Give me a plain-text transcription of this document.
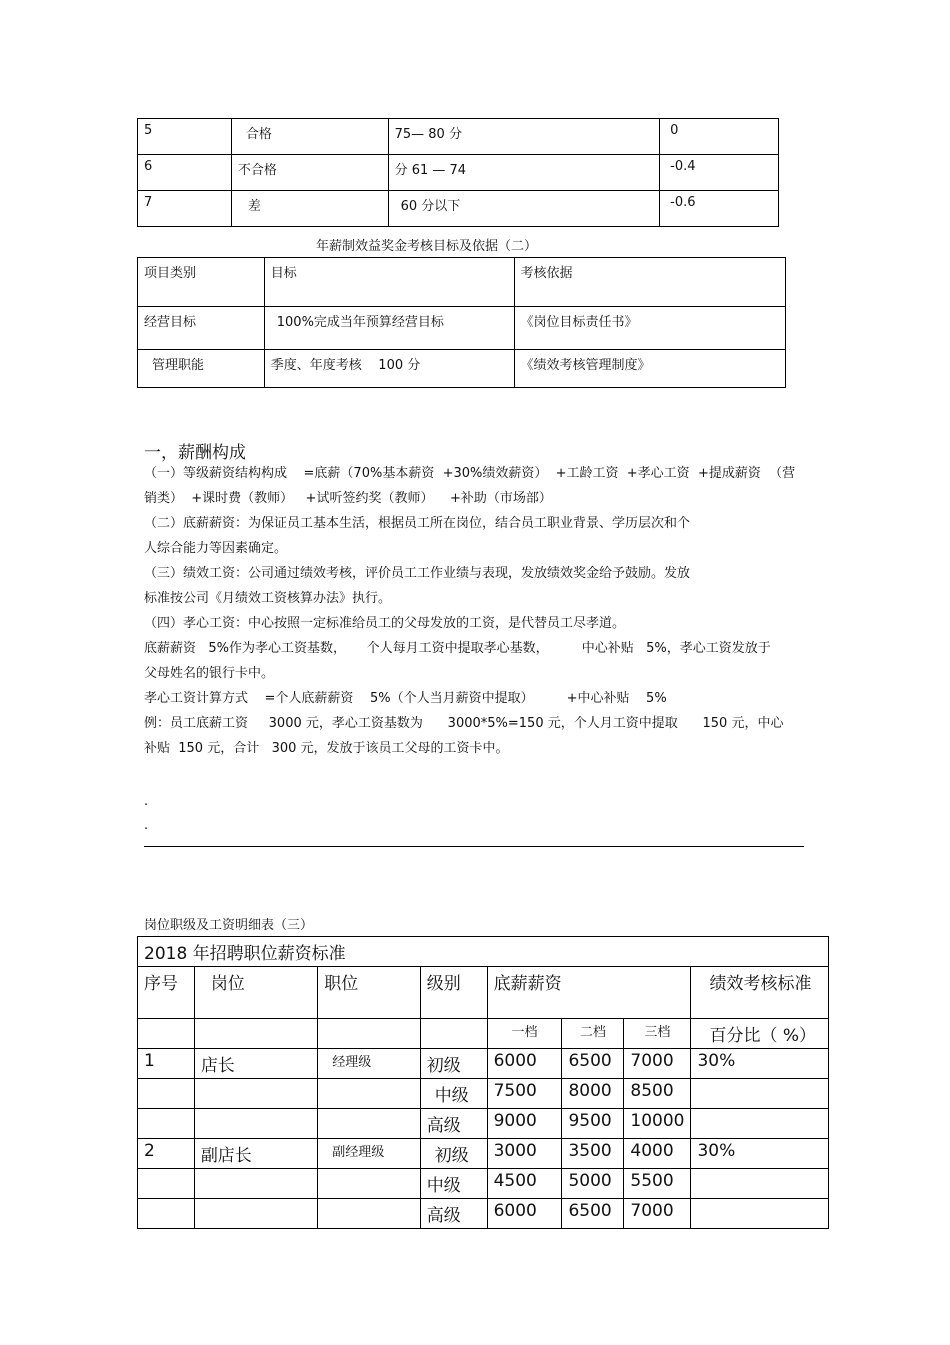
5	合格	75— 80 分	0
6	不合格	分 61 — 74	-0.4
7	差	60 分以下	-0.6
年薪制效益奖金考核目标及依据（二）
项目类别	目标	考核依据
经营目标	100%完成当年预算经营目标	《岗位目标责任书》
管理职能	季度、年度考核    100 分	《绩效考核管理制度》
一，薪酬构成
（一）等级薪资结构构成    =底薪（70%基本薪资  +30%绩效薪资）  +工龄工资  +孝心工资  +提成薪资  （营
销类）  +课时费（教师）   +试听签约奖（教师）    +补助（市场部）
（二）底薪薪资：为保证员工基本生活，根据员工所在岗位，结合员工职业背景、学历层次和个
人综合能力等因素确定。
（三）绩效工资：公司通过绩效考核，评价员工工作业绩与表现，发放绩效奖金给予鼓励。发放
标准按公司《月绩效工资核算办法》执行。
（四）孝心工资：中心按照一定标准给员工的父母发放的工资，是代替员工尽孝道。
底薪薪资   5%作为孝心工资基数，     个人每月工资中提取孝心基数，        中心补贴   5%，孝心工资发放于
父母姓名的银行卡中。
孝心工资计算方式    =个人底薪薪资    5%（个人当月薪资中提取）        +中心补贴    5%
例：员工底薪工资     3000 元，孝心工资基数为      3000*5%=150 元，个人月工资中提取      150 元，中心
补贴  150 元，合计   300 元，发放于该员工父母的工资卡中。
.
.
岗位职级及工资明细表（三）
2018 年招聘职位薪资标准							
序号	岗位	职位	级别	底薪薪资			绩效考核标准
				一档	二档	三档	百分比（ %）
1	店长	经理级	初级	6000	6500	7000	30%
			中级	7500	8000	8500	
			高级	9000	9500	10000	
2	副店长	副经理级	初级	3000	3500	4000	30%
			中级	4500	5000	5500	
			高级	6000	6500	7000	
